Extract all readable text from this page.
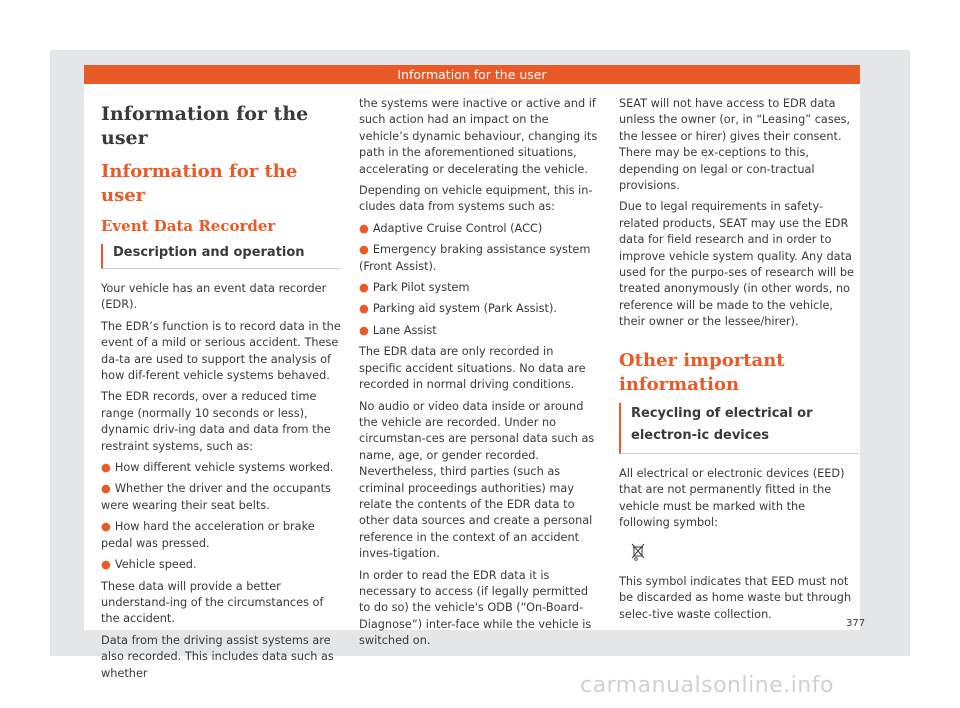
Information for the user
Information for the user
Information for the user
Event Data Recorder
Description and operation

Your vehicle has an event data recorder (EDR).

The EDR’s function is to record data in the event of a mild or serious accident. These da-ta are used to support the analysis of how dif-ferent vehicle systems behaved.

The EDR records, over a reduced time range (normally 10 seconds or less), dynamic driv-ing data and data from the restraint systems, such as:

● How different vehicle systems worked.
● Whether the driver and the occupants were wearing their seat belts.
● How hard the acceleration or brake pedal was pressed.
● Vehicle speed.

These data will provide a better understand-ing of the circumstances of the accident.

Data from the driving assist systems are also recorded. This includes data such as whether

the systems were inactive or active and if such action had an impact on the vehicle’s dynamic behaviour, changing its path in the aforementioned situations, accelerating or decelerating the vehicle.

Depending on vehicle equipment, this in-cludes data from systems such as:

● Adaptive Cruise Control (ACC)
● Emergency braking assistance system (Front Assist).
● Park Pilot system
● Parking aid system (Park Assist).
● Lane Assist

The EDR data are only recorded in specific accident situations. No data are recorded in normal driving conditions.

No audio or video data inside or around the vehicle are recorded. Under no circumstan-ces are personal data such as name, age, or gender recorded. Nevertheless, third parties (such as criminal proceedings authorities) may relate the contents of the EDR data to other data sources and create a personal reference in the context of an accident inves-tigation.

In order to read the EDR data it is necessary to access (if legally permitted to do so) the vehicle's ODB (“On-Board-Diagnose”) inter-face while the vehicle is switched on.

SEAT will not have access to EDR data unless the owner (or, in “Leasing” cases, the lessee or hirer) gives their consent. There may be ex-ceptions to this, depending on legal or con-tractual provisions.

Due to legal requirements in safety-related products, SEAT may use the EDR data for field research and in order to improve vehicle system quality. Any data used for the purpo-ses of research will be treated anonymously (in other words, no reference will be made to the vehicle, their owner or the lessee/hirer).

Other important information
Recycling of electrical or electron-ic devices

All electrical or electronic devices (EED) that are not permanently fitted in the vehicle must be marked with the following symbol:

This symbol indicates that EED must not be discarded as home waste but through selec-tive waste collection.

377
carmanualsonline.info
